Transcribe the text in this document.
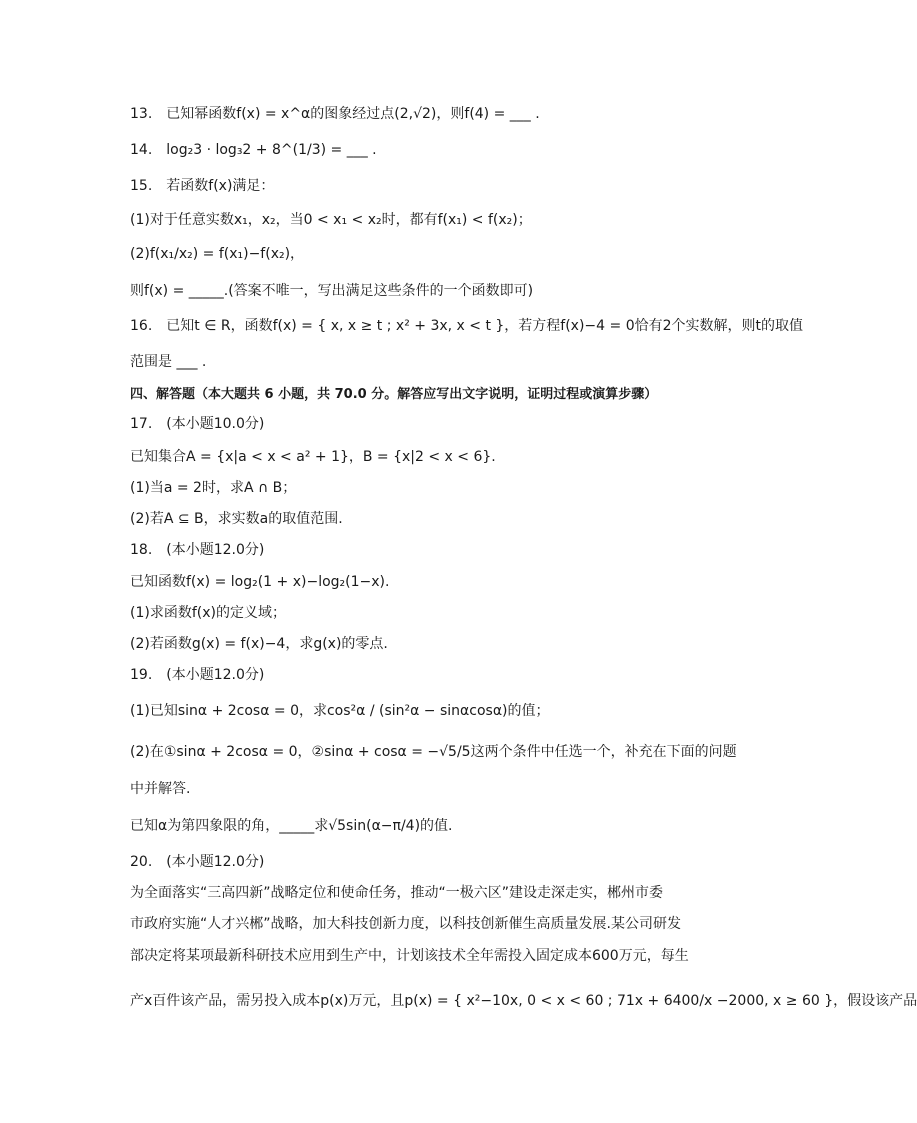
13.　已知幂函数f(x) = x^α的图象经过点(2,√2)，则f(4) = ___ .
14.　log₂3 · log₃2 + 8^(1/3) = ___ .
15.　若函数f(x)满足：
(1)对于任意实数x₁，x₂，当0 < x₁ < x₂时，都有f(x₁) < f(x₂)；
(2)f(x₁/x₂) = f(x₁)−f(x₂)，
则f(x) = _____.(答案不唯一，写出满足这些条件的一个函数即可)
16.　已知t ∈ R，函数f(x) = { x, x ≥ t ; x² + 3x, x < t }，若方程f(x)−4 = 0恰有2个实数解，则t的取值
范围是 ___ .
四、解答题（本大题共 6 小题，共 70.0 分。解答应写出文字说明，证明过程或演算步骤）
17.　(本小题10.0分)
已知集合A = {x|a < x < a² + 1}，B = {x|2 < x < 6}.
(1)当a = 2时，求A ∩ B；
(2)若A ⊆ B，求实数a的取值范围.
18.　(本小题12.0分)
已知函数f(x) = log₂(1 + x)−log₂(1−x).
(1)求函数f(x)的定义域；
(2)若函数g(x) = f(x)−4，求g(x)的零点.
19.　(本小题12.0分)
(1)已知sinα + 2cosα = 0，求cos²α / (sin²α − sinαcosα)的值；
(2)在①sinα + 2cosα = 0，②sinα + cosα = −√5/5这两个条件中任选一个，补充在下面的问题
中并解答.
已知α为第四象限的角，_____求√5sin(α−π/4)的值.
20.　(本小题12.0分)
为全面落实“三高四新”战略定位和使命任务，推动“一极六区”建设走深走实，郴州市委
市政府实施“人才兴郴”战略，加大科技创新力度，以科技创新催生高质量发展.某公司研发
部决定将某项最新科研技术应用到生产中，计划该技术全年需投入固定成本600万元，每生
产x百件该产品，需另投入成本p(x)万元，且p(x) = { x²−10x, 0 < x < 60 ; 71x + 6400/x −2000, x ≥ 60 }，假设该产品
